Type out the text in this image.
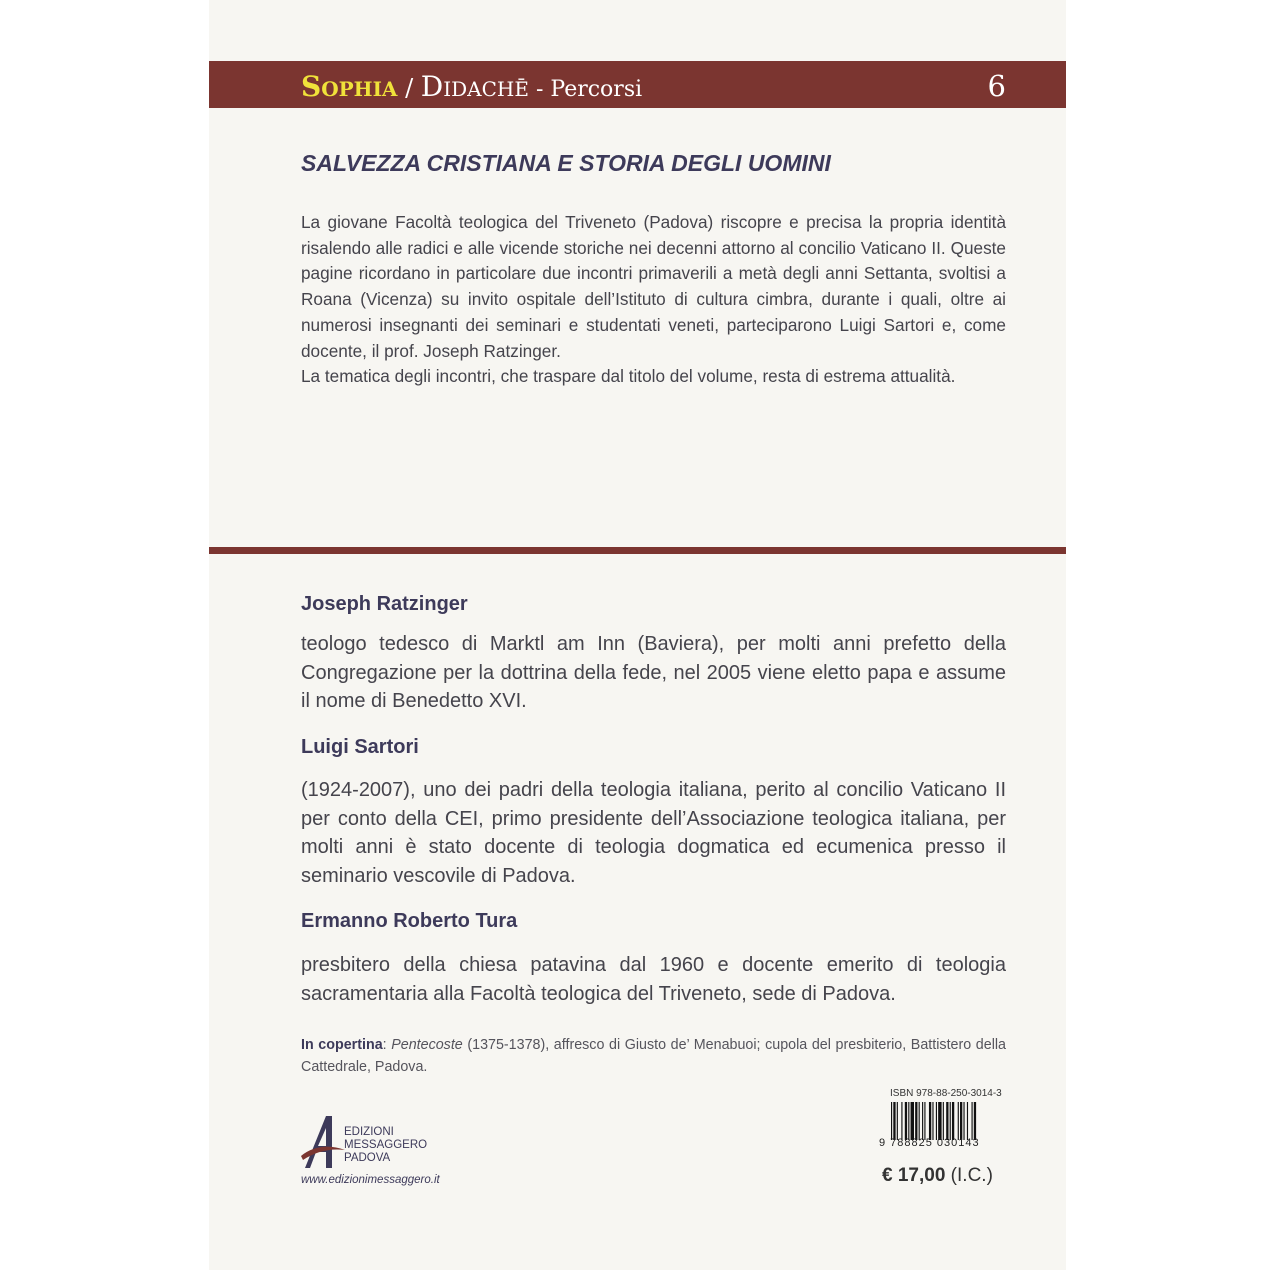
Sophia / Didachē - Percorsi	6
SALVEZZA CRISTIANA E STORIA DEGLI UOMINI

La giovane Facoltà teologica del Triveneto (Padova) riscopre e precisa la propria identità risalendo alle radici e alle vicende storiche nei decenni attorno al concilio Vaticano II. Queste pagine ricordano in particolare due incontri primaverili a metà degli anni Settanta, svoltisi a Roana (Vicenza) su invito ospitale dell’Istituto di cultura cimbra, durante i quali, oltre ai numerosi insegnanti dei seminari e studentati veneti, parteciparono Luigi Sartori e, come docente, il prof. Joseph Ratzinger.

La tematica degli incontri, che traspare dal titolo del volume, resta di estrema attualità.

Joseph Ratzinger

teologo tedesco di Marktl am Inn (Baviera), per molti anni prefetto della Congregazione per la dottrina della fede, nel 2005 viene eletto papa e assume il nome di Benedetto XVI.

Luigi Sartori

(1924-2007), uno dei padri della teologia italiana, perito al concilio Vaticano II per conto della CEI, primo presidente dell’Associazione teologica italiana, per molti anni è stato docente di teologia dogmatica ed ecumenica presso il seminario vescovile di Padova.

Ermanno Roberto Tura

presbitero della chiesa patavina dal 1960 e docente emerito di teologia sacramentaria alla Facoltà teologica del Triveneto, sede di Padova.

In copertina: Pentecoste (1375-1378), affresco di Giusto de’ Menabuoi; cupola del presbiterio, Battistero della Cattedrale, Padova.

EDIZIONI
MESSAGGERO
PADOVA
www.edizionimessaggero.it
ISBN 978-88-250-3014-3
9 788825 030143
€ 17,00 (I.C.)
